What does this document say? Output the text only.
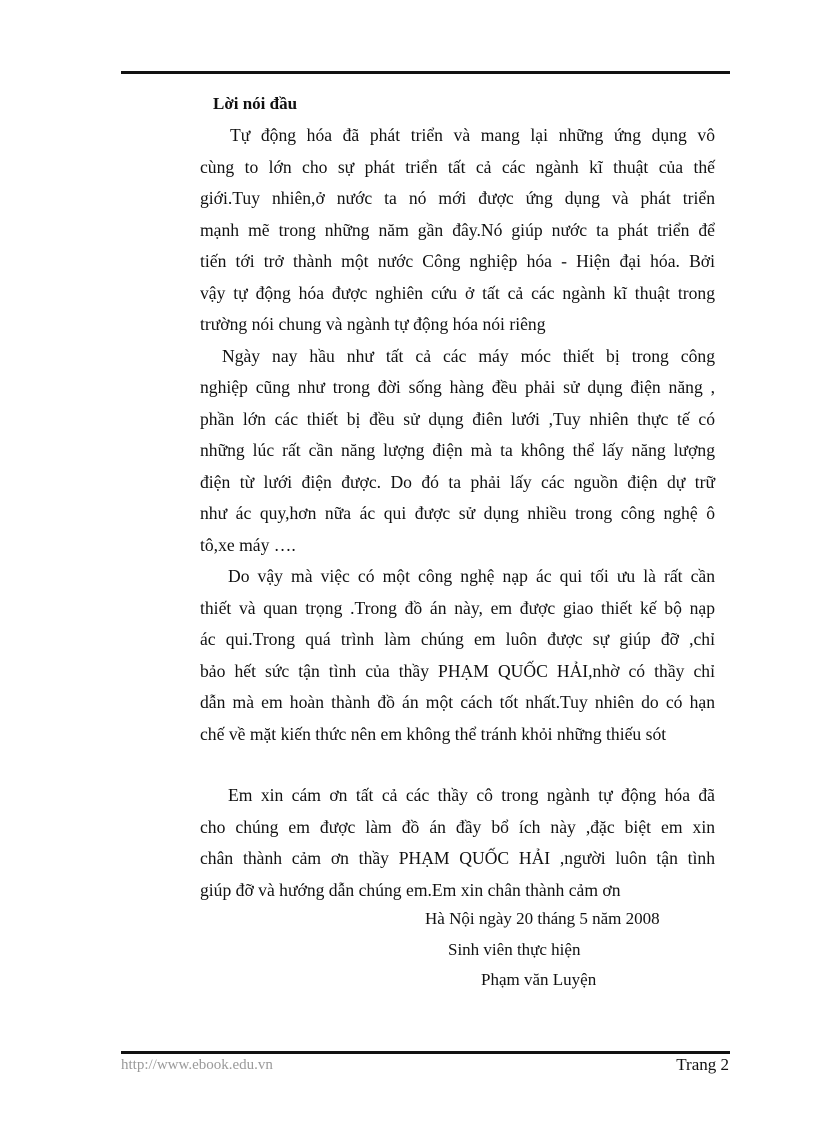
Lời nói đầu
Tự động hóa đã phát triển và mang lại những ứng dụng vô
cùng to lớn cho sự phát triển tất cả các ngành kĩ thuật của thế
giới.Tuy nhiên,ở nước ta nó mới được ứng dụng và phát triển
mạnh mẽ trong những năm gần đây.Nó giúp nước ta phát triển để
tiến tới trở thành một nước Công nghiệp hóa - Hiện đại hóa. Bởi
vậy tự động hóa được nghiên cứu ở tất cả các ngành kĩ thuật trong
trường nói chung và ngành tự động hóa nói riêng
Ngày nay hầu như tất cả các máy móc thiết bị trong công
nghiệp cũng như trong đời sống hàng đều phải sử dụng điện năng ,
phần lớn các thiết bị đều sử dụng điên lưới ,Tuy nhiên thực tế có
những lúc rất cần năng lượng điện mà ta không thể lấy năng lượng
điện từ lưới điện được. Do đó ta phải lấy các nguồn điện dự trữ
như ác quy,hơn nữa ác qui được sử dụng nhiều trong công nghệ ô
tô,xe máy ….
Do vậy mà việc có một công nghệ nạp ác qui tối ưu là rất cần
thiết và quan trọng .Trong đồ án này, em được giao thiết kế bộ nạp
ác qui.Trong quá trình làm chúng em luôn được sự giúp đỡ ,chỉ
bảo hết sức tận tình của thầy PHẠM QUỐC HẢI,nhờ có thầy chỉ
dẫn mà em hoàn thành đồ án một cách tốt nhất.Tuy nhiên do có hạn
chế về mặt kiến thức nên em không thể tránh khỏi những thiếu sót
Em xin cám ơn tất cả các thầy cô trong ngành tự động hóa đã
cho chúng em được làm đồ án đầy bổ ích này ,đặc biệt em xin
chân thành cảm ơn thầy PHẠM QUỐC HẢI ,người luôn tận tình
giúp đỡ và hướng dẫn chúng em.Em xin chân thành cảm ơn
Hà Nội ngày 20 tháng 5 năm 2008
Sinh viên thực hiện
Phạm văn Luyện
http://www.ebook.edu.vn	Trang 2
